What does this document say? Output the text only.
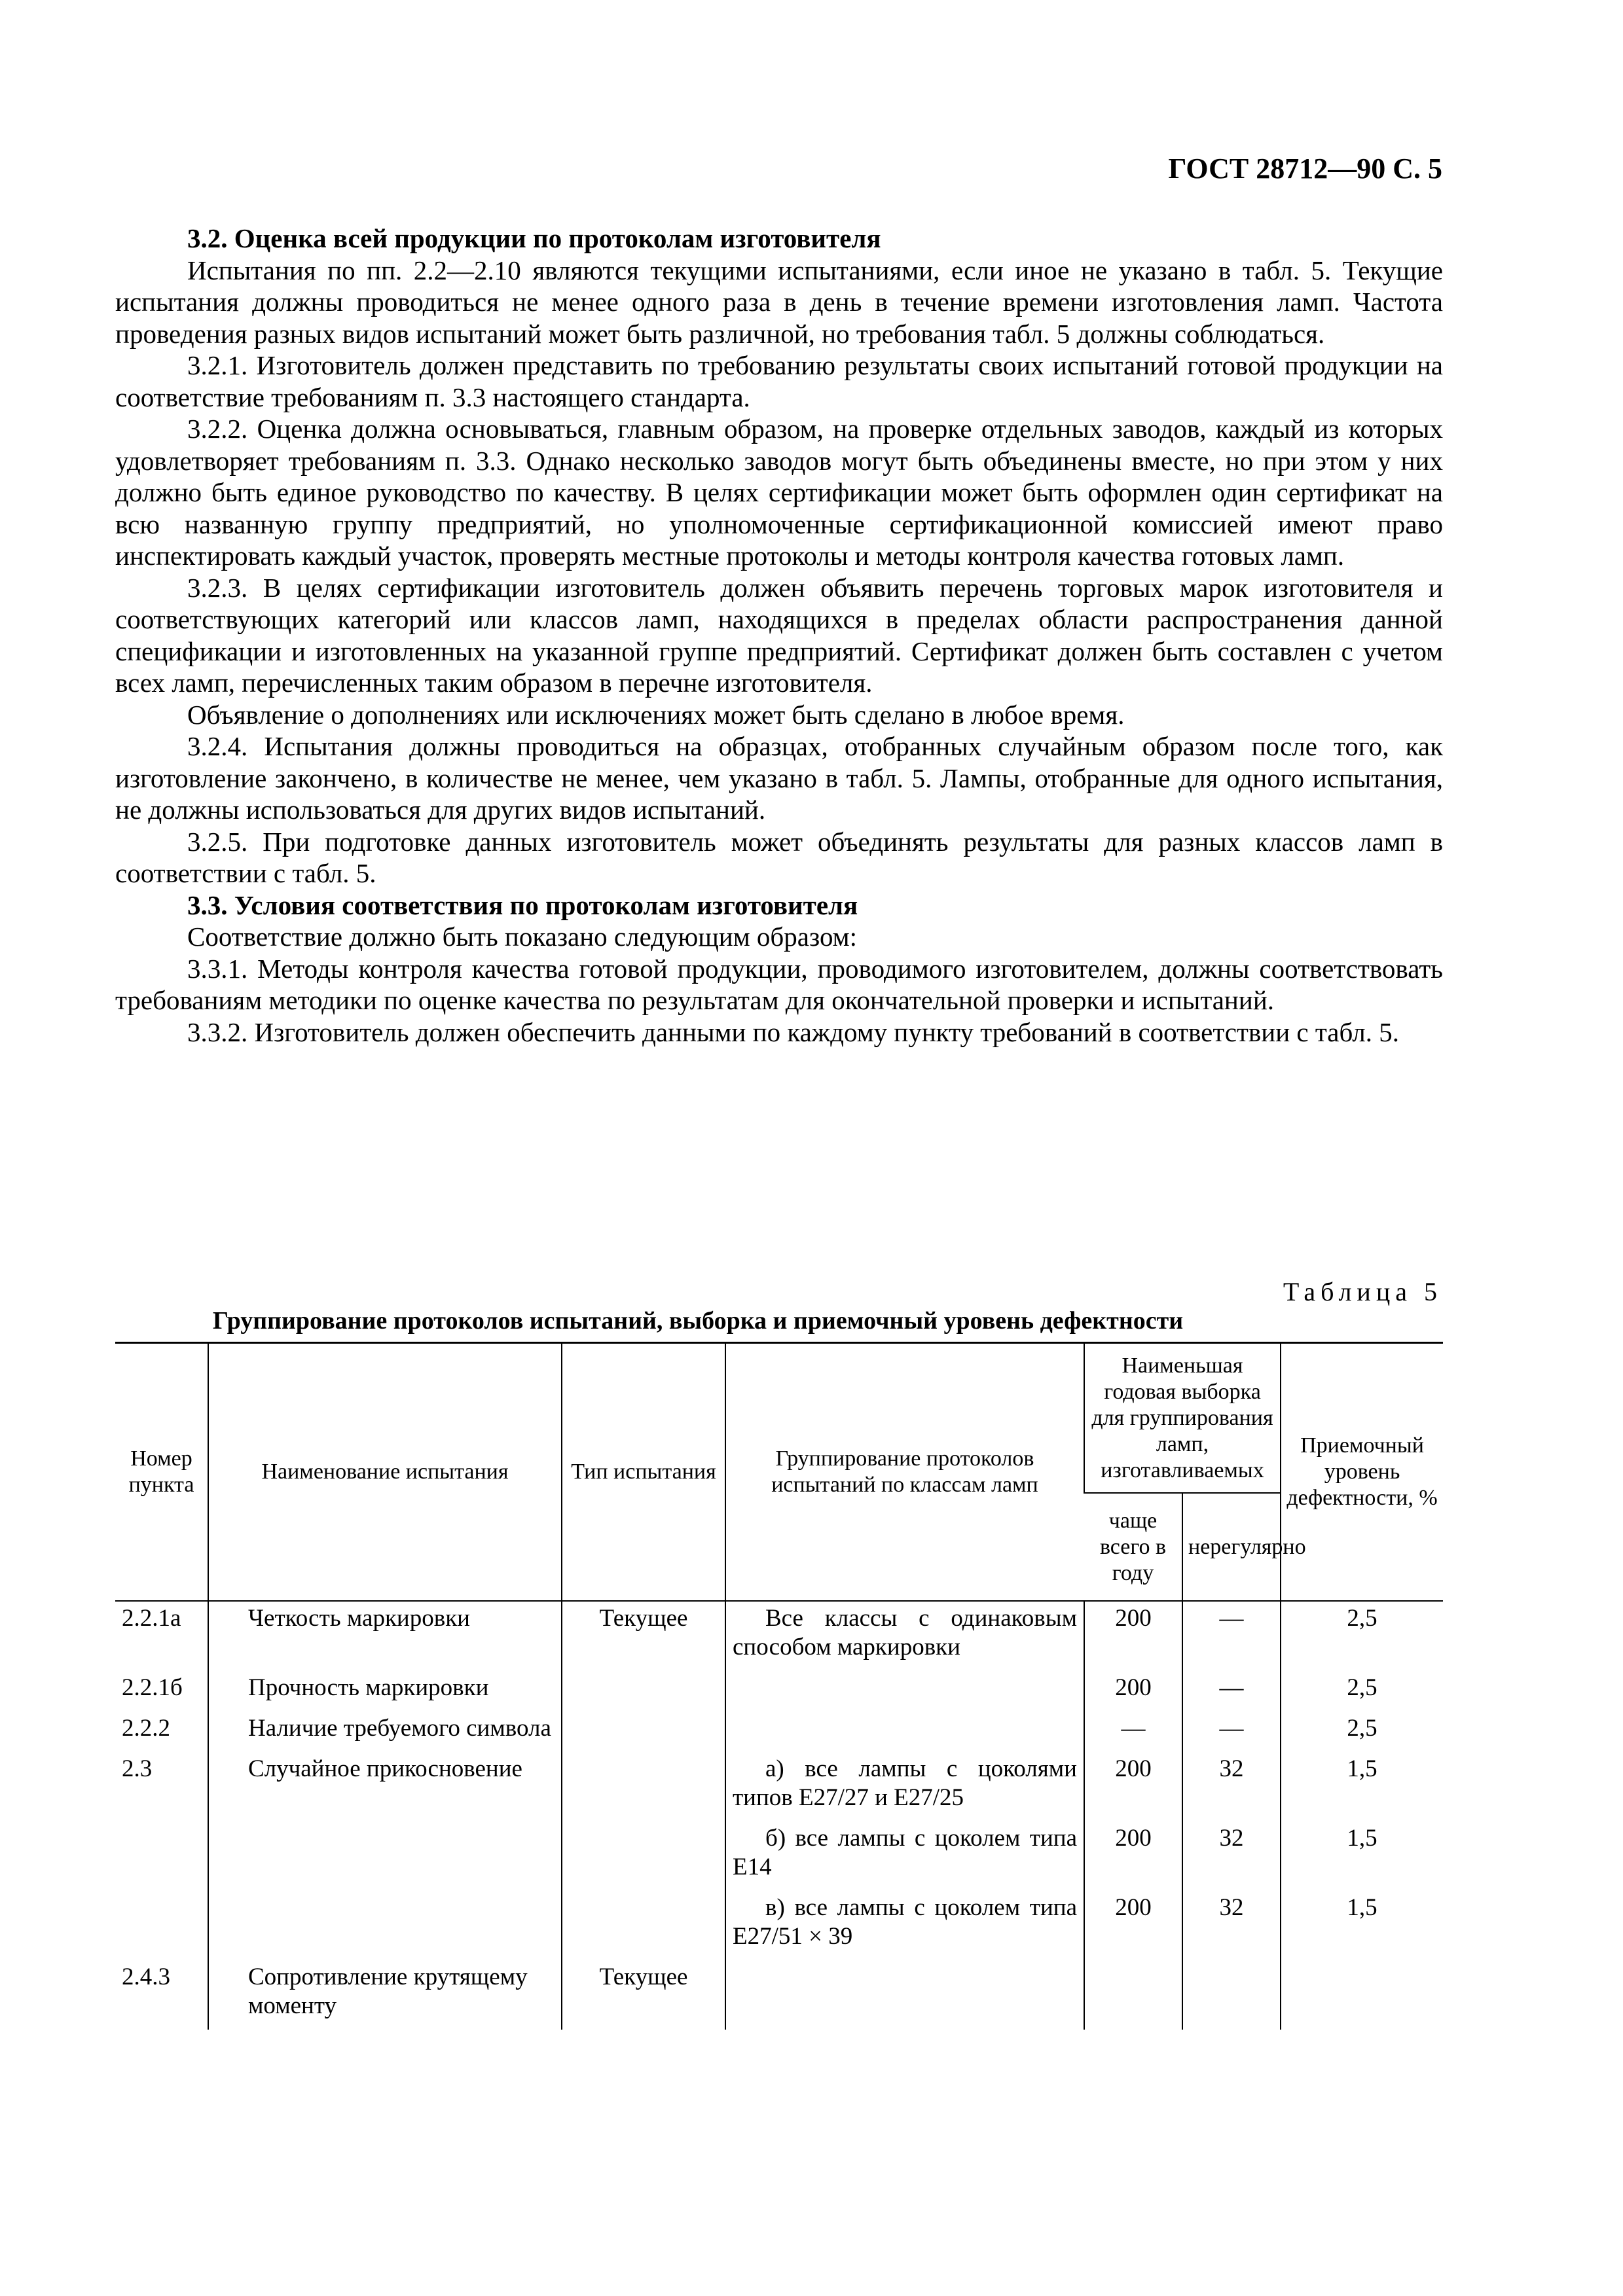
ГОСТ 28712—90 С. 5

3.2. Оценка всей продукции по протоколам изготовителя

Испытания по пп. 2.2—2.10 являются текущими испытаниями, если иное не указано в табл. 5. Текущие испытания должны проводиться не менее одного раза в день в течение времени изготовления ламп. Частота проведения разных видов испытаний может быть различной, но требования табл. 5 должны соблюдаться.

3.2.1. Изготовитель должен представить по требованию результаты своих испытаний готовой продукции на соответствие требованиям п. 3.3 настоящего стандарта.

3.2.2. Оценка должна основываться, главным образом, на проверке отдельных заводов, каждый из которых удовлетворяет требованиям п. 3.3. Однако несколько заводов могут быть объединены вместе, но при этом у них должно быть единое руководство по качеству. В целях сертификации может быть оформлен один сертификат на всю названную группу предприятий, но уполномоченные сертификационной комиссией имеют право инспектировать каждый участок, проверять местные протоколы и методы контроля качества готовых ламп.

3.2.3. В целях сертификации изготовитель должен объявить перечень торговых марок изготовителя и соответствующих категорий или классов ламп, находящихся в пределах области распространения данной спецификации и изготовленных на указанной группе предприятий. Сертификат должен быть составлен с учетом всех ламп, перечисленных таким образом в перечне изготовителя.

Объявление о дополнениях или исключениях может быть сделано в любое время.

3.2.4. Испытания должны проводиться на образцах, отобранных случайным образом после того, как изготовление закончено, в количестве не менее, чем указано в табл. 5. Лампы, отобранные для одного испытания, не должны использоваться для других видов испытаний.

3.2.5. При подготовке данных изготовитель может объединять результаты для разных классов ламп в соответствии с табл. 5.

3.3. Условия соответствия по протоколам изготовителя

Соответствие должно быть показано следующим образом:

3.3.1. Методы контроля качества готовой продукции, проводимого изготовителем, должны соответствовать требованиям методики по оценке качества по результатам для окончательной проверки и испытаний.

3.3.2. Изготовитель должен обеспечить данными по каждому пункту требований в соответствии с табл. 5.

Таблица 5
Группирование протоколов испытаний, выборка и приемочный уровень дефектности
Номер пункта	Наименование испытания	Тип испытания	Группирование протоколов испытаний по классам ламп	Наименьшая годовая выборка для группирования ламп, изготавливаемых		Приемочный уровень дефектности, %
				чаще всего в году	нерегулярно	
2.2.1а	Четкость маркировки	Текущее	Все классы с одинаковым способом маркировки	200	—	2,5
2.2.1б	Прочность маркировки			200	—	2,5
2.2.2	Наличие требуемого символа			—	—	2,5
2.3	Случайное прикосновение		а) все лампы с цоколями типов Е27/27 и Е27/25	200	32	1,5

			б) все лампы с цоколем типа Е14	200	32	1,5

			в) все лампы с цоколем типа Е27/51 × 39	200	32	1,5
2.4.3	Сопротивление крутящему моменту	Текущее				
